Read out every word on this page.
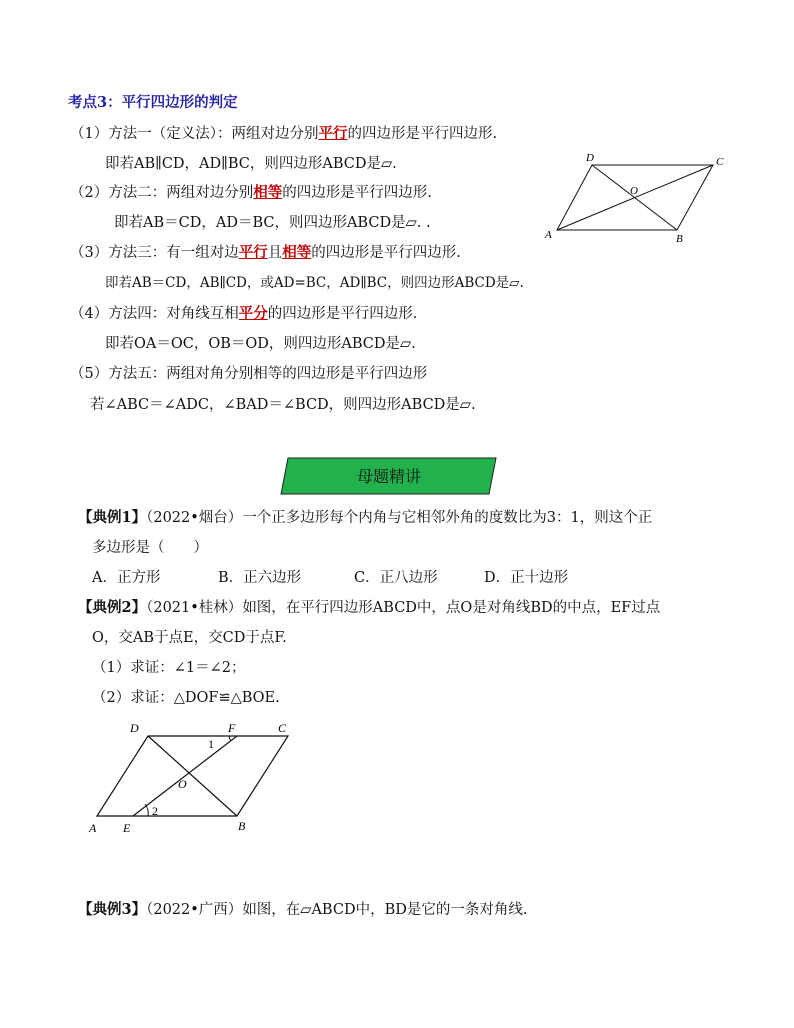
考点3：平行四边形的判定
（1）方法一（定义法）：两组对边分别平行的四边形是平行四边形.
即若AB∥CD，AD∥BC，则四边形ABCD是▱.
（2）方法二：两组对边分别相等的四边形是平行四边形.
即若AB＝CD，AD＝BC，则四边形ABCD是▱. .
（3）方法三：有一组对边平行且相等的四边形是平行四边形.
即若AB＝CD，AB∥CD，或AD=BC，AD∥BC，则四边形ABCD是▱.
（4）方法四：对角线互相平分的四边形是平行四边形.
即若OA＝OC，OB＝OD，则四边形ABCD是▱.
（5）方法五：两组对角分别相等的四边形是平行四边形
若∠ABC＝∠ADC，∠BAD＝∠BCD，则四边形ABCD是▱.
A	B
C
D
O
母题精讲
【典例1】（2022•烟台）一个正多边形每个内角与它相邻外角的度数比为3：1，则这个正
多边形是（　　）
A．正方形	B．正六边形	C．正八边形	D．正十边形
【典例2】（2021•桂林）如图，在平行四边形ABCD中，点O是对角线BD的中点，EF过点
O，交AB于点E，交CD于点F.
（1）求证：∠1＝∠2；
（2）求证：△DOF≌△BOE.
A E	B
C
D	F
O
1
2
【典例3】（2022•广西）如图，在▱ABCD中，BD是它的一条对角线.
